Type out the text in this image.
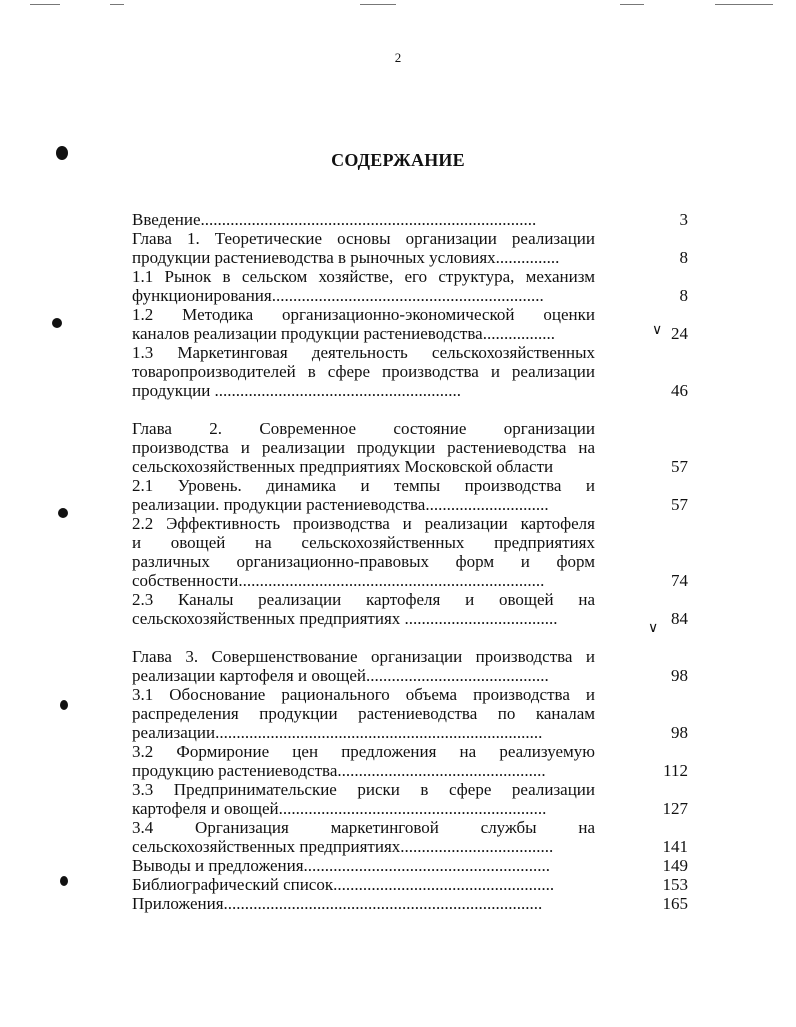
2
СОДЕРЖАНИЕ
Введение...............................................................................	3
Глава 1. Теоретические основы организации реализации
продукции растениеводства в рыночных условиях...............	8
1.1 Рынок в сельском хозяйстве, его структура, механизм
функционирования................................................................	8
1.2 Методика организационно-экономической оценки
каналов реализации продукции растениеводства.................	24
1.3 Маркетинговая деятельность сельскохозяйственных
товаропроизводителей в сфере производства и реализации
продукции ..........................................................	46
Глава 2. Современное состояние организации
производства и реализации продукции растениеводства на
сельскохозяйственных предприятиях Московской области	57
2.1 Уровень. динамика и темпы производства и
реализации. продукции растениеводства.............................	57
2.2 Эффективность производства и реализации картофеля
и овощей на сельскохозяйственных предприятиях
различных организационно-правовых форм и форм
собственности........................................................................	74
2.3 Каналы реализации картофеля и овощей на
сельскохозяйственных предприятиях ....................................	84
Глава 3. Совершенствование организации производства и
реализации картофеля и овощей...........................................	98
3.1 Обоснование рационального объема производства и
распределения продукции растениеводства по каналам
реализации.............................................................................	98
3.2 Формироние цен предложения на реализуемую
продукцию растениеводства.................................................	112
3.3 Предпринимательские риски в сфере реализации
картофеля и овощей...............................................................	127
3.4 Организация маркетинговой службы на
сельскохозяйственных предприятиях....................................	141
Выводы и предложения..........................................................	149
Библиографический список....................................................	153
Приложения...........................................................................	165
∨
∨
